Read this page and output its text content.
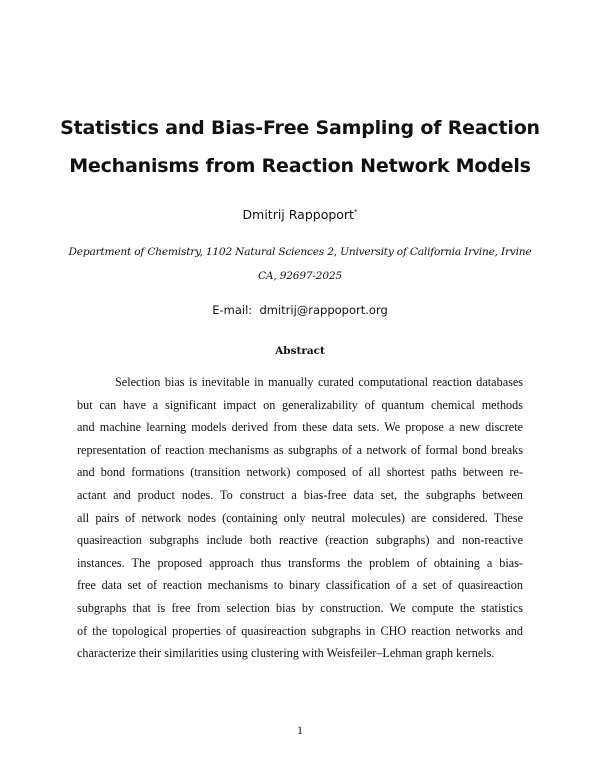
Statistics and Bias-Free Sampling of Reaction
Mechanisms from Reaction Network Models
Dmitrij Rappoport*
Department of Chemistry, 1102 Natural Sciences 2, University of California Irvine, Irvine
CA, 92697-2025
E-mail:  dmitrij@rappoport.org
Abstract
Selection bias is inevitable in manually curated computational reaction databases
but can have a significant impact on generalizability of quantum chemical methods
and machine learning models derived from these data sets. We propose a new discrete
representation of reaction mechanisms as subgraphs of a network of formal bond breaks
and bond formations (transition network) composed of all shortest paths between re-
actant and product nodes. To construct a bias-free data set, the subgraphs between
all pairs of network nodes (containing only neutral molecules) are considered. These
quasireaction subgraphs include both reactive (reaction subgraphs) and non-reactive
instances. The proposed approach thus transforms the problem of obtaining a bias-
free data set of reaction mechanisms to binary classification of a set of quasireaction
subgraphs that is free from selection bias by construction. We compute the statistics
of the topological properties of quasireaction subgraphs in CHO reaction networks and
characterize their similarities using clustering with Weisfeiler–Lehman graph kernels.
1
